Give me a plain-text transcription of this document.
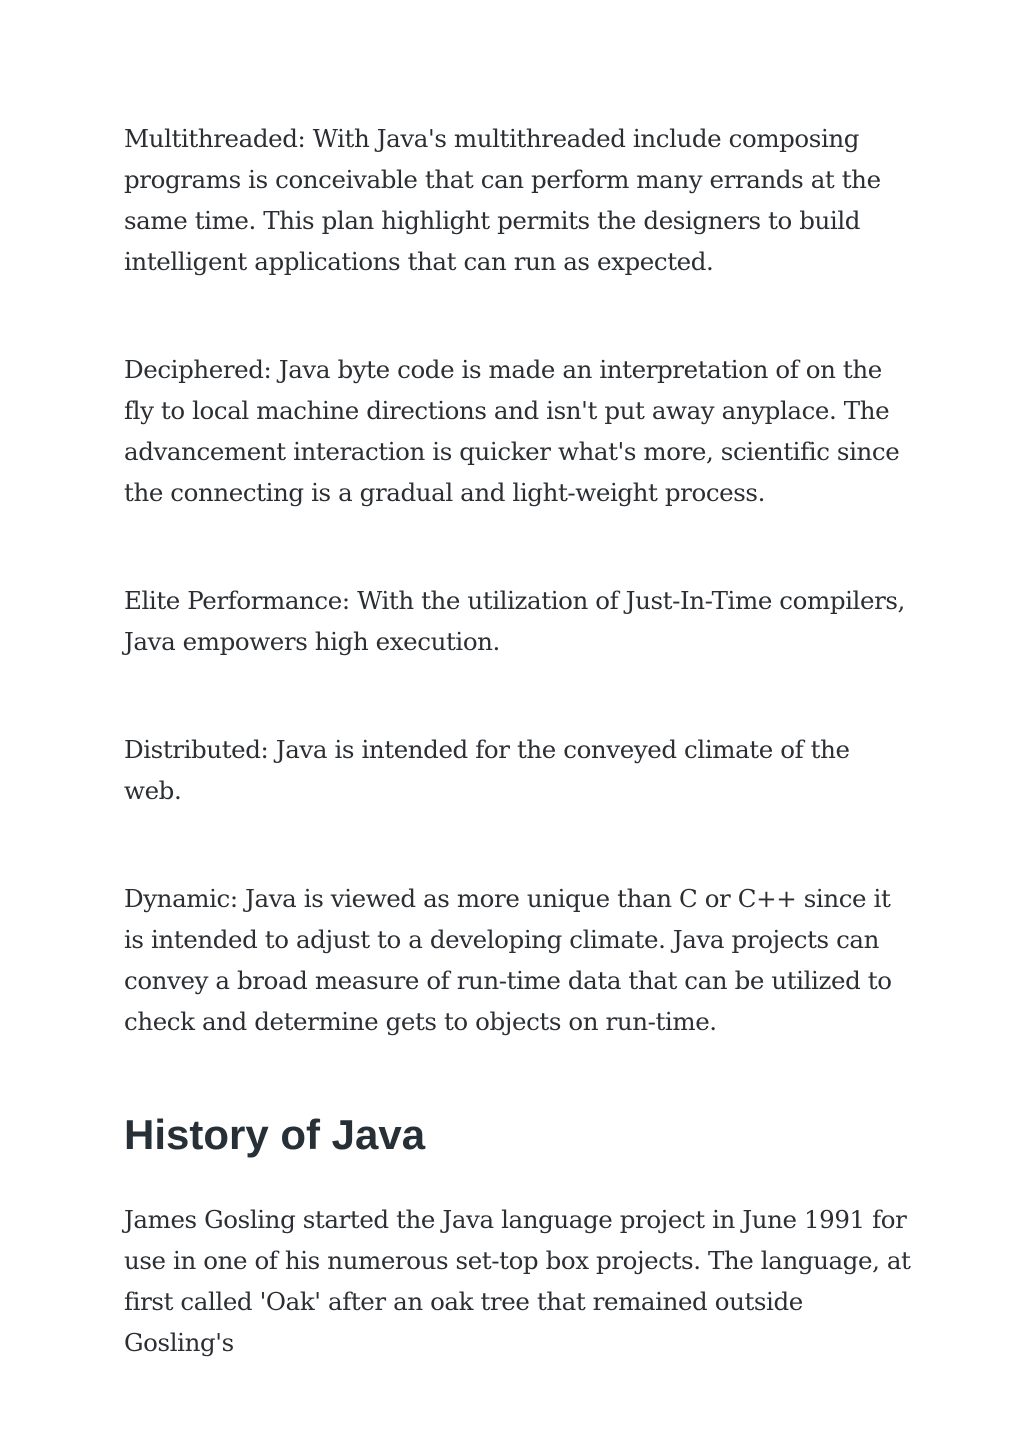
Multithreaded: With Java's multithreaded include composing programs is conceivable that can perform many errands at the same time. This plan highlight permits the designers to build intelligent applications that can run as expected.

Deciphered: Java byte code is made an interpretation of on the fly to local machine directions and isn't put away anyplace. The advancement interaction is quicker what's more, scientific since the connecting is a gradual and light-weight process.

Elite Performance: With the utilization of Just-In-Time compilers, Java empowers high execution.

Distributed: Java is intended for the conveyed climate of the web.

Dynamic: Java is viewed as more unique than C or C++ since it is intended to adjust to a developing climate. Java projects can convey a broad measure of run-time data that can be utilized to check and determine gets to objects on run-time.

History of Java

James Gosling started the Java language project in June 1991 for use in one of his numerous set-top box projects. The language, at first called 'Oak' after an oak tree that remained outside Gosling's
